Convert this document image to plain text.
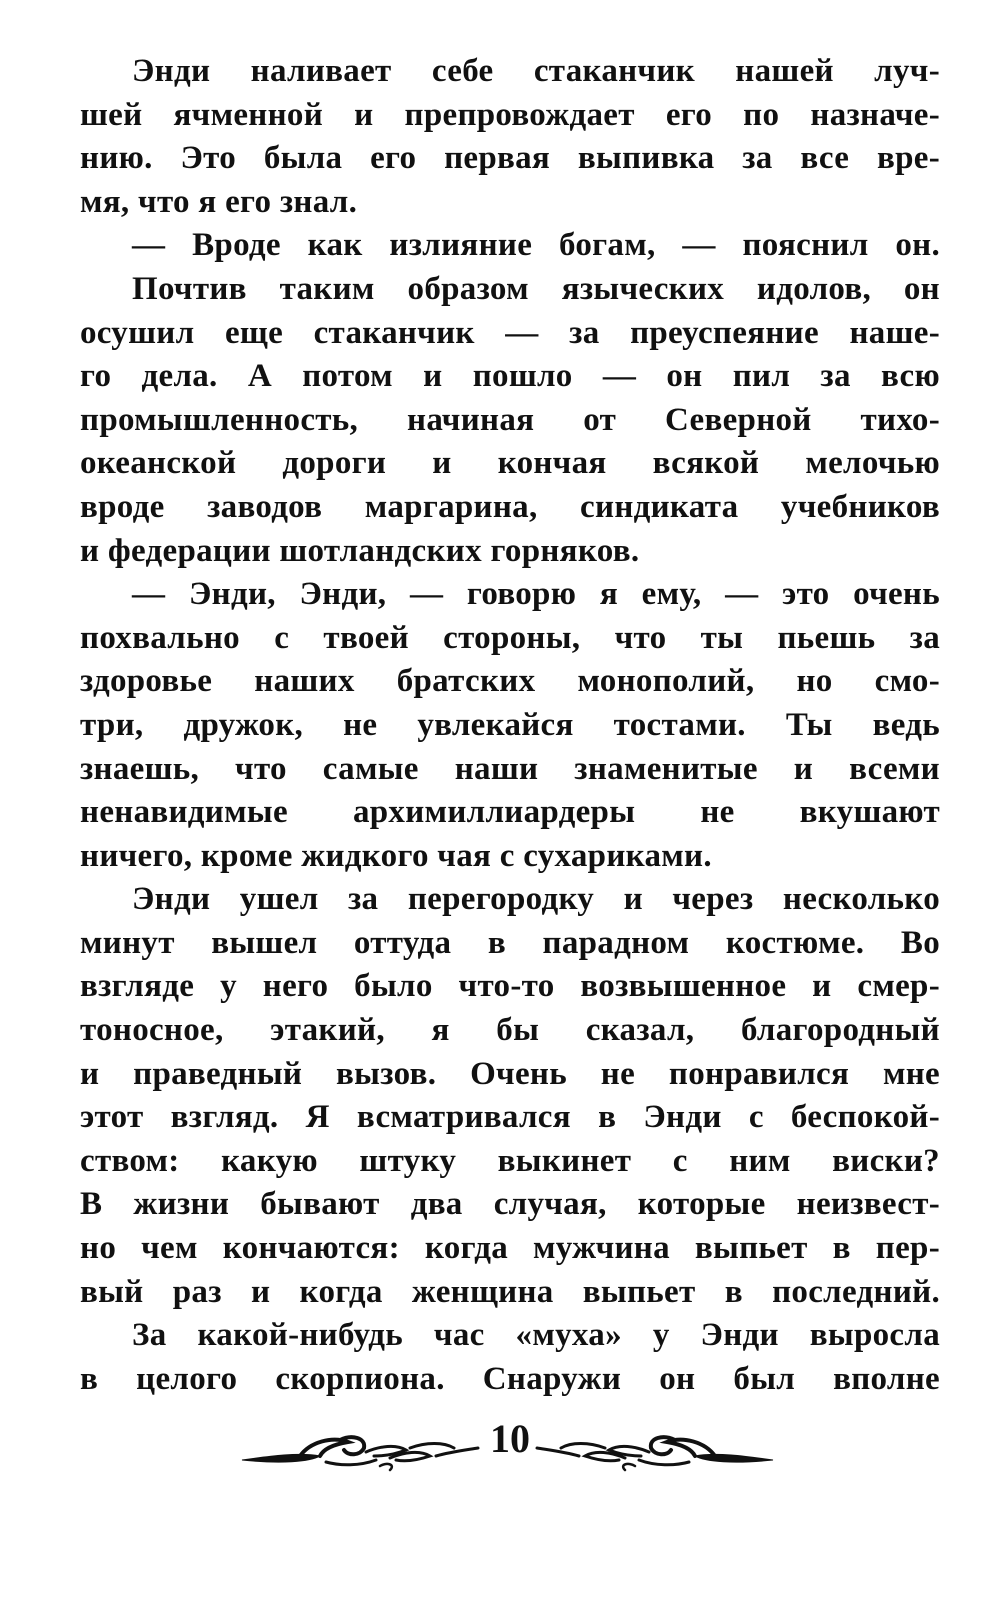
Энди наливает себе стаканчик нашей луч-
шей ячменной и препровождает его по назначе-
нию. Это была его первая выпивка за все вре-
мя, что я его знал.
— Вроде как излияние богам, — пояснил он.
Почтив таким образом языческих идолов, он
осушил еще стаканчик — за преуспеяние наше-
го дела. А потом и пошло — он пил за всю
промышленность, начиная от Северной тихо-
океанской дороги и кончая всякой мелочью
вроде заводов маргарина, синдиката учебников
и федерации шотландских горняков.
— Энди, Энди, — говорю я ему, — это очень
похвально с твоей стороны, что ты пьешь за
здоровье наших братских монополий, но смо-
три, дружок, не увлекайся тостами. Ты ведь
знаешь, что самые наши знаменитые и всеми
ненавидимые архимиллиардеры не вкушают
ничего, кроме жидкого чая с сухариками.
Энди ушел за перегородку и через несколько
минут вышел оттуда в парадном костюме. Во
взгляде у него было что-то возвышенное и смер-
тоносное, этакий, я бы сказал, благородный
и праведный вызов. Очень не понравился мне
этот взгляд. Я всматривался в Энди с беспокой-
ством: какую штуку выкинет с ним виски?
В жизни бывают два случая, которые неизвест-
но чем кончаются: когда мужчина выпьет в пер-
вый раз и когда женщина выпьет в последний.
За какой-нибудь час «муха» у Энди выросла
в целого скорпиона. Снаружи он был вполне
10
